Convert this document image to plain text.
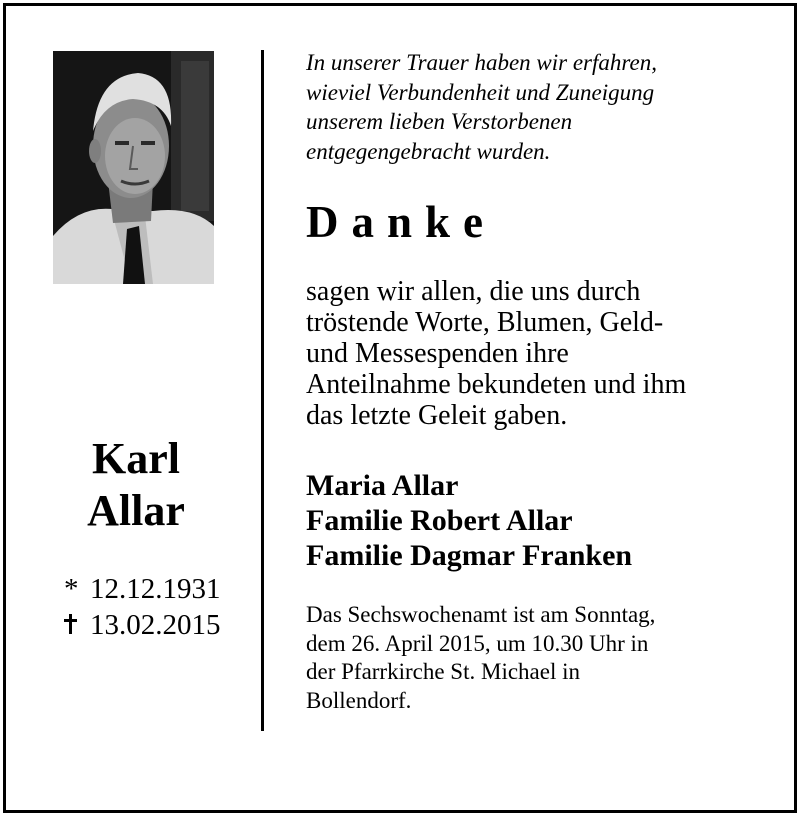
Karl
Allar
* 12.12.1931
13.02.2015
In unserer Trauer haben wir erfahren,
wieviel Verbundenheit und Zuneigung
unserem lieben Verstorbenen
entgegengebracht wurden.
Danke
sagen wir allen, die uns durch
tröstende Worte, Blumen, Geld-
und Messespenden ihre
Anteilnahme bekundeten und ihm
das letzte Geleit gaben.
Maria Allar
Familie Robert Allar
Familie Dagmar Franken
Das Sechswochenamt ist am Sonntag,
dem 26. April 2015, um 10.30 Uhr in
der Pfarrkirche St. Michael in
Bollendorf.
